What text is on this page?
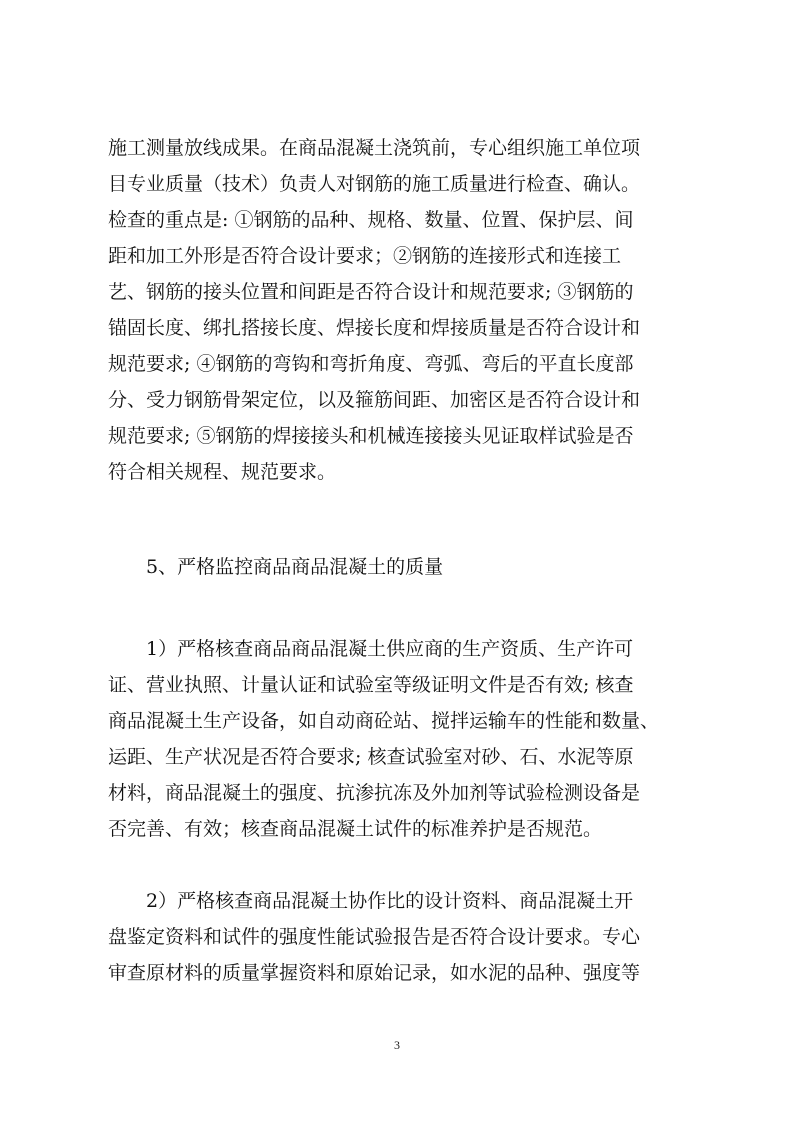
施工测量放线成果。在商品混凝土浇筑前，专心组织施工单位项

目专业质量（技术）负责人对钢筋的施工质量进行检查、确认。

检查的重点是: ①钢筋的品种、规格、数量、位置、保护层、间

距和加工外形是否符合设计要求；②钢筋的连接形式和连接工

艺、钢筋的接头位置和间距是否符合设计和规范要求; ③钢筋的

锚固长度、绑扎搭接长度、焊接长度和焊接质量是否符合设计和

规范要求; ④钢筋的弯钩和弯折角度、弯弧、弯后的平直长度部

分、受力钢筋骨架定位，以及箍筋间距、加密区是否符合设计和

规范要求; ⑤钢筋的焊接接头和机械连接接头见证取样试验是否

符合相关规程、规范要求。

5、严格监控商品商品混凝土的质量

1）严格核查商品商品混凝土供应商的生产资质、生产许可

证、营业执照、计量认证和试验室等级证明文件是否有效; 核查

商品混凝土生产设备，如自动商砼站、搅拌运输车的性能和数量、

运距、生产状况是否符合要求; 核查试验室对砂、石、水泥等原

材料，商品混凝土的强度、抗渗抗冻及外加剂等试验检测设备是

否完善、有效；核查商品混凝土试件的标准养护是否规范。

2）严格核查商品混凝土协作比的设计资料、商品混凝土开

盘鉴定资料和试件的强度性能试验报告是否符合设计要求。专心

审查原材料的质量掌握资料和原始记录，如水泥的品种、强度等

3
